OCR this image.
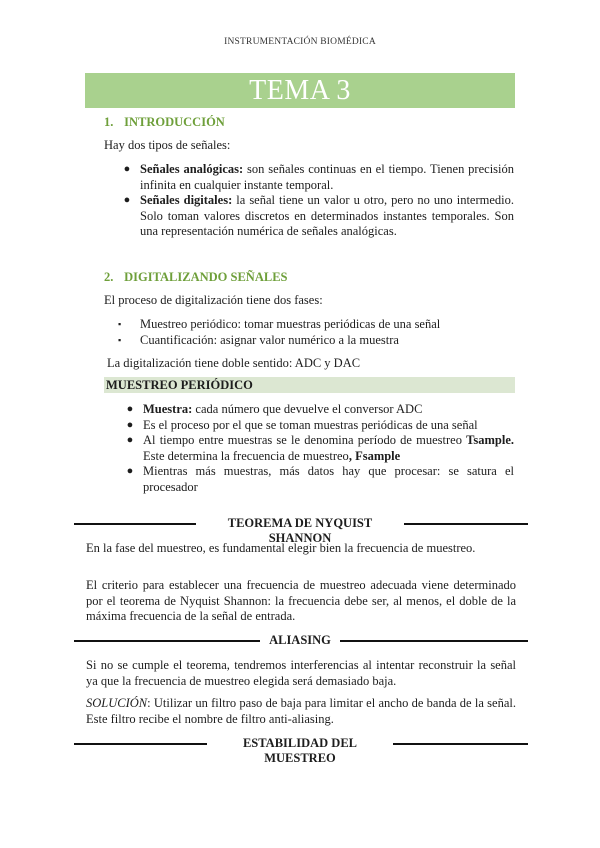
INSTRUMENTACIÓN BIOMÉDICA
TEMA 3
1. INTRODUCCIÓN
Hay dos tipos de señales:
● Señales analógicas: son señales continuas en el tiempo. Tienen precisión infinita en cualquier instante temporal.
● Señales digitales: la señal tiene un valor u otro, pero no uno intermedio. Solo toman valores discretos en determinados instantes temporales. Son una representación numérica de señales analógicas.
2. DIGITALIZANDO SEÑALES
El proceso de digitalización tiene dos fases:
▪ Muestreo periódico: tomar muestras periódicas de una señal
▪ Cuantificación: asignar valor numérico a la muestra
La digitalización tiene doble sentido: ADC y DAC
MUESTREO PERIÓDICO
● Muestra: cada número que devuelve el conversor ADC
● Es el proceso por el que se toman muestras periódicas de una señal
● Al tiempo entre muestras se le denomina período de muestreo Tsample. Este determina la frecuencia de muestreo, Fsample
● Mientras más muestras, más datos hay que procesar: se satura el procesador
TEOREMA DE NYQUIST SHANNON

En la fase del muestreo, es fundamental elegir bien la frecuencia de muestreo.

El criterio para establecer una frecuencia de muestreo adecuada viene determinado por el teorema de Nyquist Shannon: la frecuencia debe ser, al menos, el doble de la máxima frecuencia de la señal de entrada.

ALIASING

Si no se cumple el teorema, tendremos interferencias al intentar reconstruir la señal ya que la frecuencia de muestreo elegida será demasiado baja.

SOLUCIÓN: Utilizar un filtro paso de baja para limitar el ancho de banda de la señal. Este filtro recibe el nombre de filtro anti-aliasing.

ESTABILIDAD DEL MUESTREO
